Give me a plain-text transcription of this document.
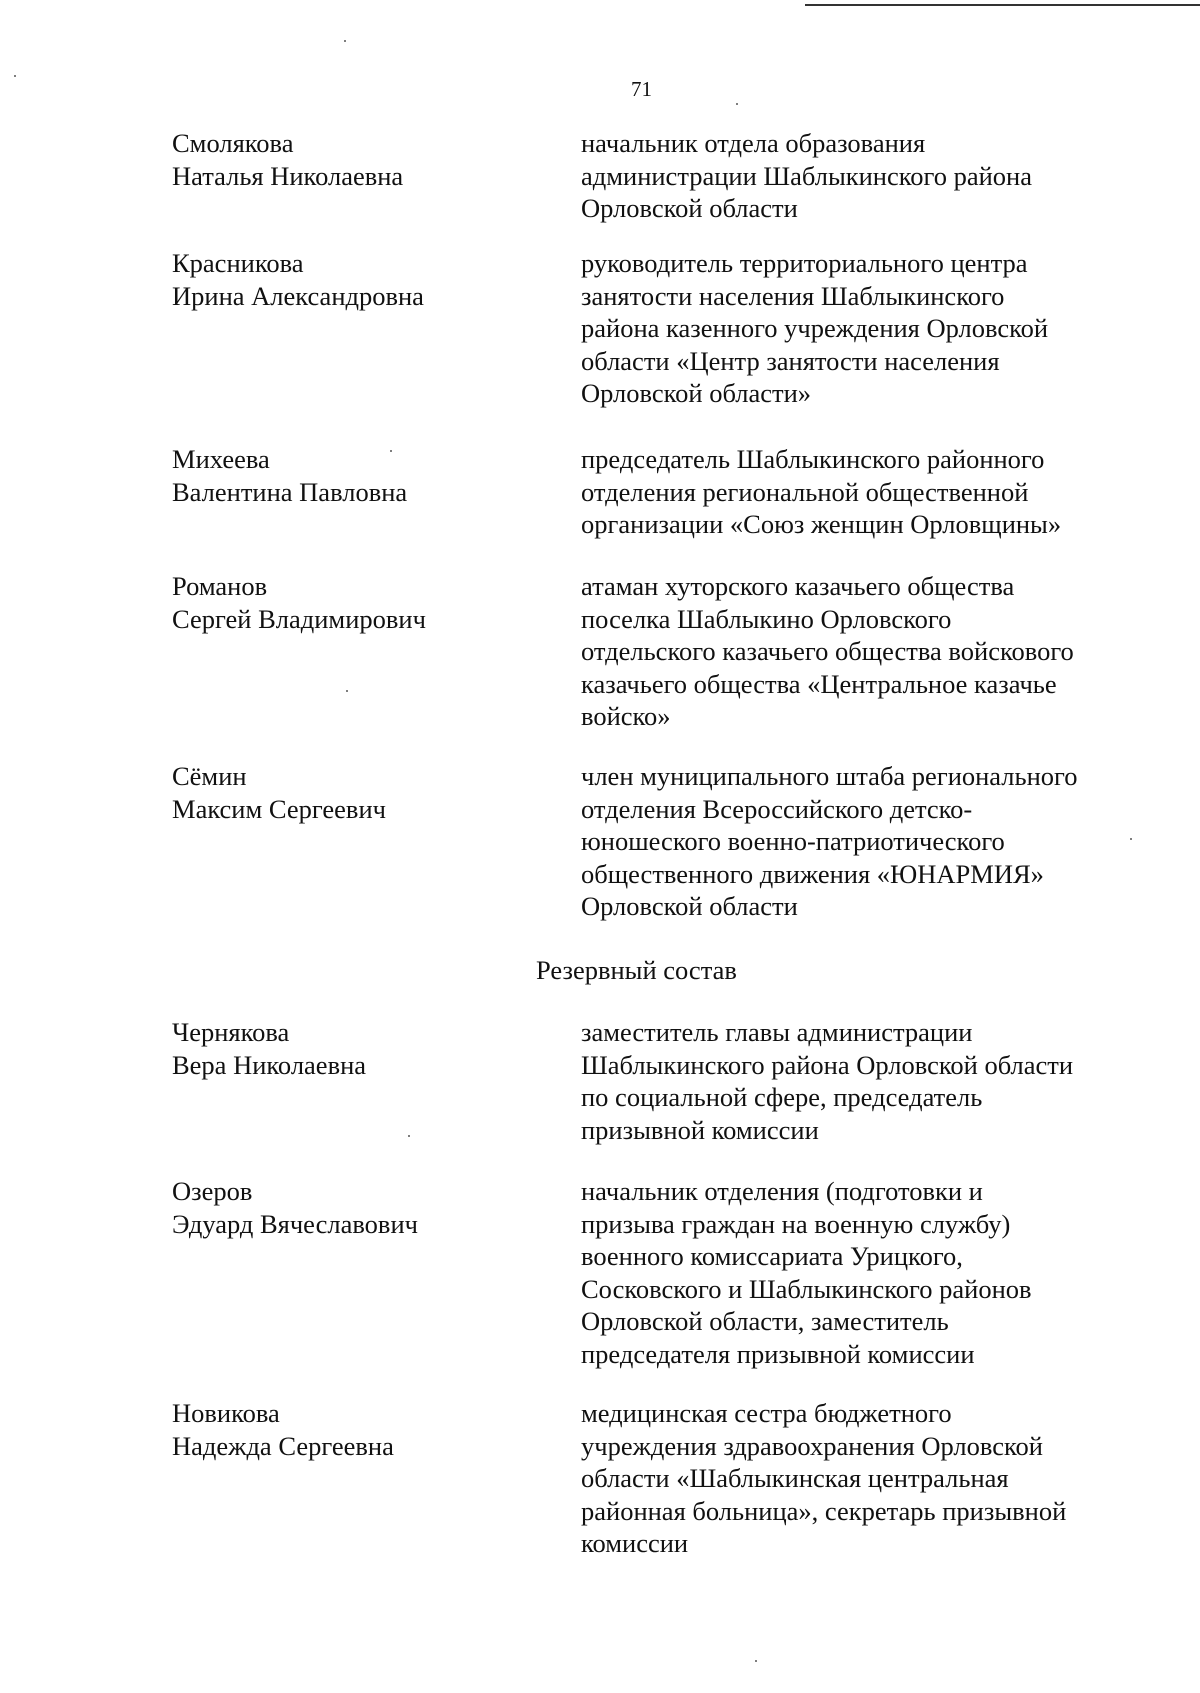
71
Смолякова
Наталья Николаевна
начальник отдела образования
администрации Шаблыкинского района
Орловской области
Красникова
Ирина Александровна
руководитель территориального центра
занятости населения Шаблыкинского
района казенного учреждения Орловской
области «Центр занятости населения
Орловской области»
Михеева
Валентина Павловна
председатель Шаблыкинского районного
отделения региональной общественной
организации «Союз женщин Орловщины»
Романов
Сергей Владимирович
атаман хуторского казачьего общества
поселка Шаблыкино Орловского
отдельского казачьего общества войскового
казачьего общества «Центральное казачье
войско»
Сёмин
Максим Сергеевич
член муниципального штаба регионального
отделения Всероссийского детско-
юношеского военно-патриотического
общественного движения «ЮНАРМИЯ»
Орловской области
Резервный состав
Чернякова
Вера Николаевна
заместитель главы администрации
Шаблыкинского района Орловской области
по социальной сфере, председатель
призывной комиссии
Озеров
Эдуард Вячеславович
начальник отделения (подготовки и
призыва граждан на военную службу)
военного комиссариата Урицкого,
Сосковского и Шаблыкинского районов
Орловской области, заместитель
председателя призывной комиссии
Новикова
Надежда Сергеевна
медицинская сестра бюджетного
учреждения здравоохранения Орловской
области «Шаблыкинская центральная
районная больница», секретарь призывной
комиссии
